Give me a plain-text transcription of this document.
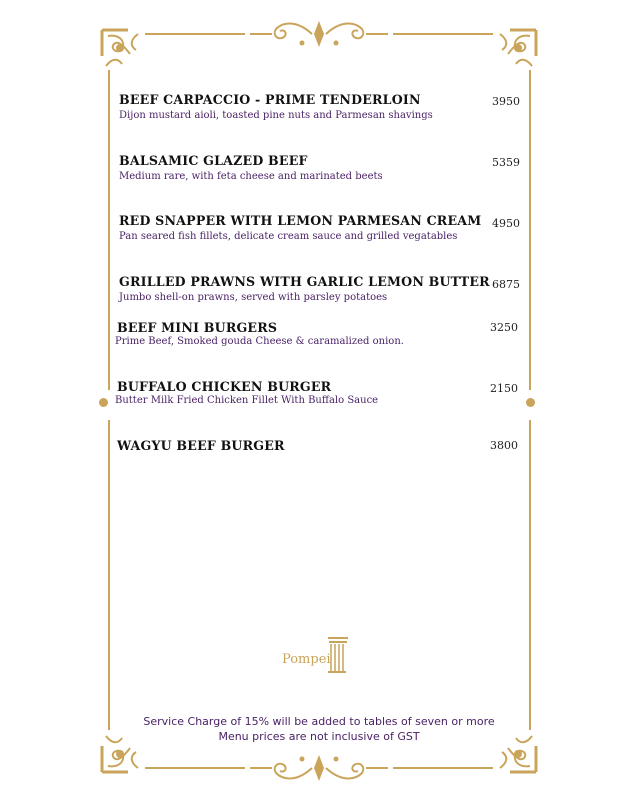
BEEF CARPACCIO - PRIME TENDERLOIN
Dijon mustard aioli, toasted pine nuts and Parmesan shavings
3950
BALSAMIC GLAZED BEEF
Medium rare, with feta cheese and marinated beets
5359
RED SNAPPER WITH LEMON PARMESAN CREAM
Pan seared fish fillets, delicate cream sauce and grilled vegatables
4950
GRILLED PRAWNS WITH GARLIC LEMON BUTTER
Jumbo shell-on prawns, served with parsley potatoes
6875
BEEF MINI BURGERS
Prime Beef, Smoked gouda Cheese & caramalized onion.
3250
BUFFALO CHICKEN BURGER
Butter Milk Fried Chicken Fillet With Buffalo Sauce
2150
WAGYU BEEF BURGER	3800
Pompei
Service Charge of 15% will be added to tables of seven or more
Menu prices are not inclusive of GST
